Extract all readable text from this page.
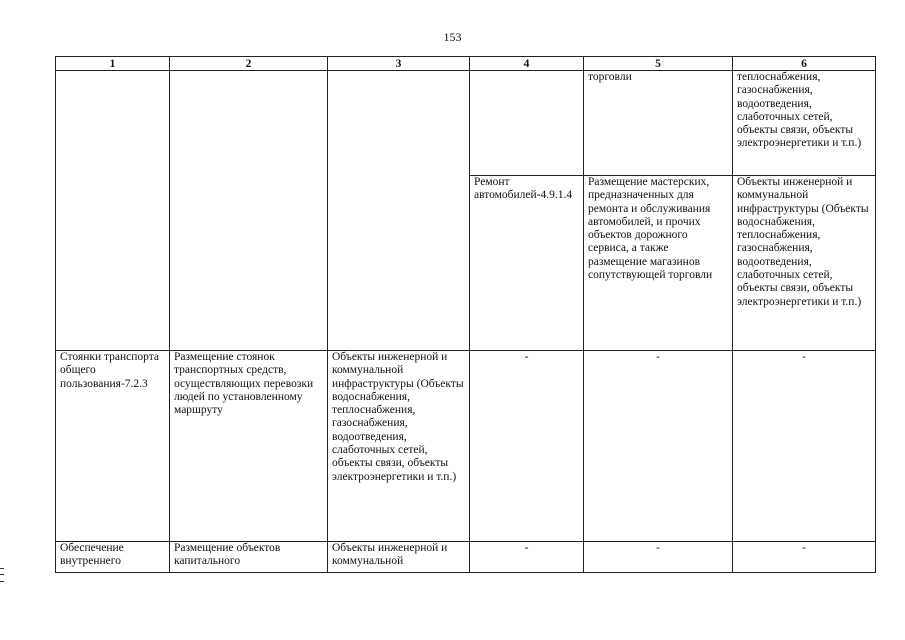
153
1	2	3	4	5	6
				торговли	теплоснабжения, газоснабжения, водоотведения, слаботочных сетей, объекты связи, объекты электроэнергетики и т.п.)
			Ремонт автомобилей-4.9.1.4	Размещение мастерских, предназначенных для ремонта и обслуживания автомобилей, и прочих объектов дорожного сервиса, а также размещение магазинов сопутствующей торговли	Объекты инженерной и коммунальной инфраструктуры (Объекты водоснабжения, теплоснабжения, газоснабжения, водоотведения, слаботочных сетей, объекты связи, объекты электроэнергетики и т.п.)
Стоянки транспорта общего пользования-7.2.3	Размещение стоянок транспортных средств, осуществляющих перевозки людей по установленному маршруту	Объекты инженерной и коммунальной инфраструктуры (Объекты водоснабжения, теплоснабжения, газоснабжения, водоотведения, слаботочных сетей, объекты связи, объекты электроэнергетики и т.п.)	-	-	-

Обеспечение внутреннего	Размещение объектов капитального	Объекты инженерной и коммунальной	-	-	-
